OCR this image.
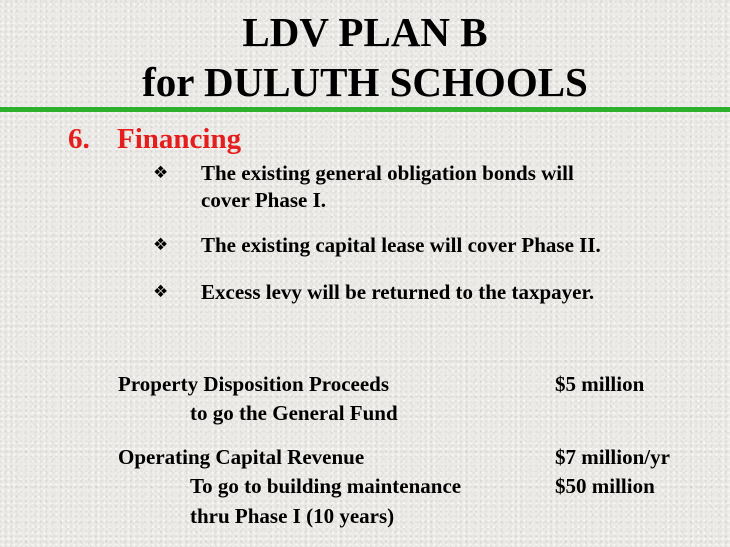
LDV PLAN B
for DULUTH SCHOOLS
6. Financing
❖	The existing general obligation bonds will
cover Phase I.
❖	The existing capital lease will cover Phase II.
❖	Excess levy will be returned to the taxpayer.
Property Disposition Proceeds	$5 million
to go the General Fund
Operating Capital Revenue	$7 million/yr
To go to building maintenance	$50 million
thru Phase I (10 years)
